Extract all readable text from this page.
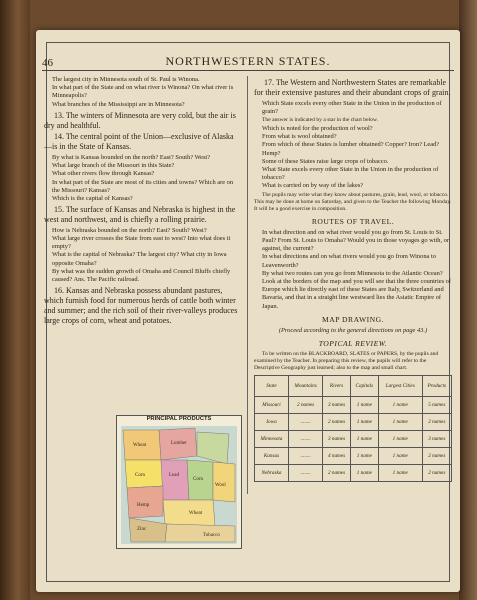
46	NORTHWESTERN STATES.

The largest city in Minnesota south of St. Paul is Winona.

In what part of the State and on what river is Winona? On what river is Minneapolis?

What branches of the Mississippi are in Minnesota?

13. The winters of Minnesota are very cold, but the air is dry and healthful.

14. The central point of the Union—exclusive of Alaska—is in the State of Kansas.

By what is Kansas bounded on the north? East? South? West?

What large branch of the Missouri in this State?

What other rivers flow through Kansas?

In what part of the State are most of its cities and towns? Which are on the Missouri? Kansas?

Which is the capital of Kansas?

15. The surface of Kansas and Nebraska is highest in the west and northwest, and is chiefly a rolling prairie.

How is Nebraska bounded on the north? East? South? West?

What large river crosses the State from east to west? Into what does it empty?

What is the capital of Nebraska? The largest city? What city in Iowa opposite Omaha?

By what was the sudden growth of Omaha and Council Bluffs chiefly caused? Ans. The Pacific railroad.

16. Kansas and Nebraska possess abundant pastures, which furnish food for numerous herds of cattle both winter and summer; and the rich soil of their river-valleys produces large crops of corn, wheat and potatoes.

PRINCIPAL PRODUCTS
Wheat	Lumber
Corn
Hemp
Tobacco
Wool
Zinc
Lead
Wheat
Corn

17. The Western and Northwestern States are remarkable for their extensive pastures and their abundant crops of grain.

Which State excels every other State in the Union in the production of grain?

The answer is indicated by a star in the chart below.

Which is noted for the production of wool?

From what is wool obtained?

From which of these States is lumber obtained? Copper? Iron? Lead? Hemp?

Some of these States raise large crops of tobacco.

What State excels every other State in the Union in the production of tobacco?

What is carried on by way of the lakes?

The pupils may write what they know about pastures, grain, lead, wool, or tobacco. This may be done at home on Saturday, and given to the Teacher the following Monday. It will be a good exercise in composition.

ROUTES OF TRAVEL.

In what direction and on what river would you go from St. Louis to St. Paul? From St. Louis to Omaha? Would you in those voyages go with, or against, the current?

In what directions and on what rivers would you go from Winona to Leavenworth?

By what two routes can you go from Minnesota to the Atlantic Ocean?

Look at the borders of the map and you will see that the three countries of Europe which lie directly east of these States are Italy, Switzerland and Bavaria, and that in a straight line westward lies the Asiatic Empire of Japan.

MAP DRAWING.
(Proceed according to the general directions on page 43.)
TOPICAL REVIEW.

To be written on the BLACKBOARD, SLATES or PAPERS, by the pupils and examined by the Teacher. In preparing this review, the pupils will refer to the Descriptive Geography just learned; also to the map and small chart.

State	Mountains	Rivers	Capitals	Largest Cities	Products
Missouri	2 names	3 names	1 name	1 name	5 names
Iowa	........	2 names	1 name	1 name	2 names
Minnesota	........	3 names	1 name	1 name	3 names
Kansas	........	4 names	1 name	1 name	2 names
Nebraska	........	2 names	1 name	1 name	2 names
